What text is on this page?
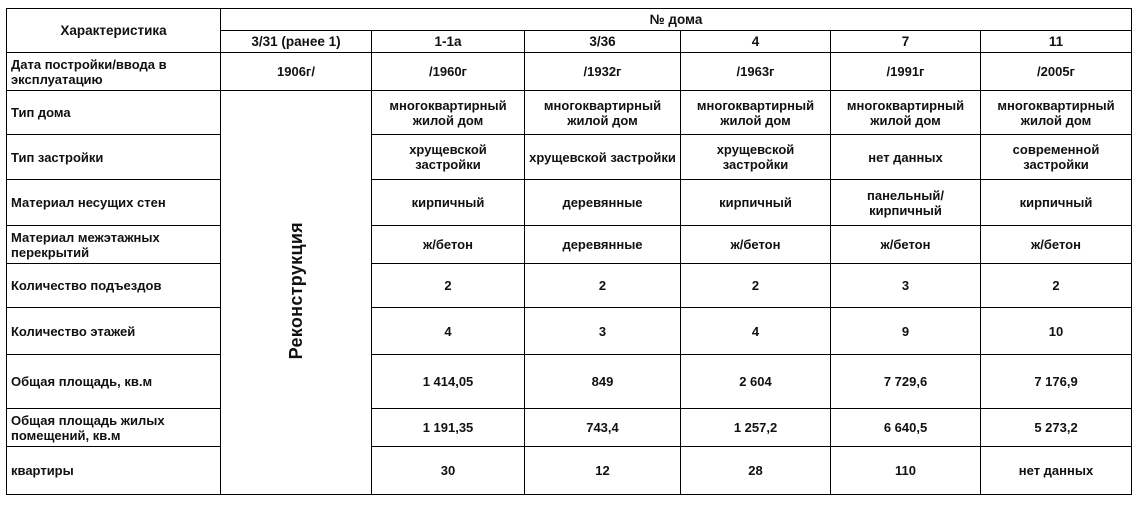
Характеристика	№ дома					
	3/31 (ранее 1)	1-1а	3/36	4	7	11
Дата постройки/ввода в эксплуатацию	1906г/	/1960г	/1932г	/1963г	/1991г	/2005г
Тип дома	Реконструкция	многоквартирный жилой дом	многоквартирный жилой дом	многоквартирный жилой дом	многоквартирный жилой дом	многоквартирный жилой дом
Тип застройки		хрущевской застройки	хрущевской застройки	хрущевской застройки	нет данных	современной застройки
Материал несущих стен		кирпичный	деревянные	кирпичный	панельный/кирпичный	кирпичный
Материал межэтажных перекрытий		ж/бетон	деревянные	ж/бетон	ж/бетон	ж/бетон
Количество подъездов		2	2	2	3	2
Количество этажей		4	3	4	9	10
Общая площадь, кв.м		1 414,05	849	2 604	7 729,6	7 176,9
Общая площадь жилых помещений, кв.м		1 191,35	743,4	1 257,2	6 640,5	5 273,2
квартиры		30	12	28	110	нет данных
